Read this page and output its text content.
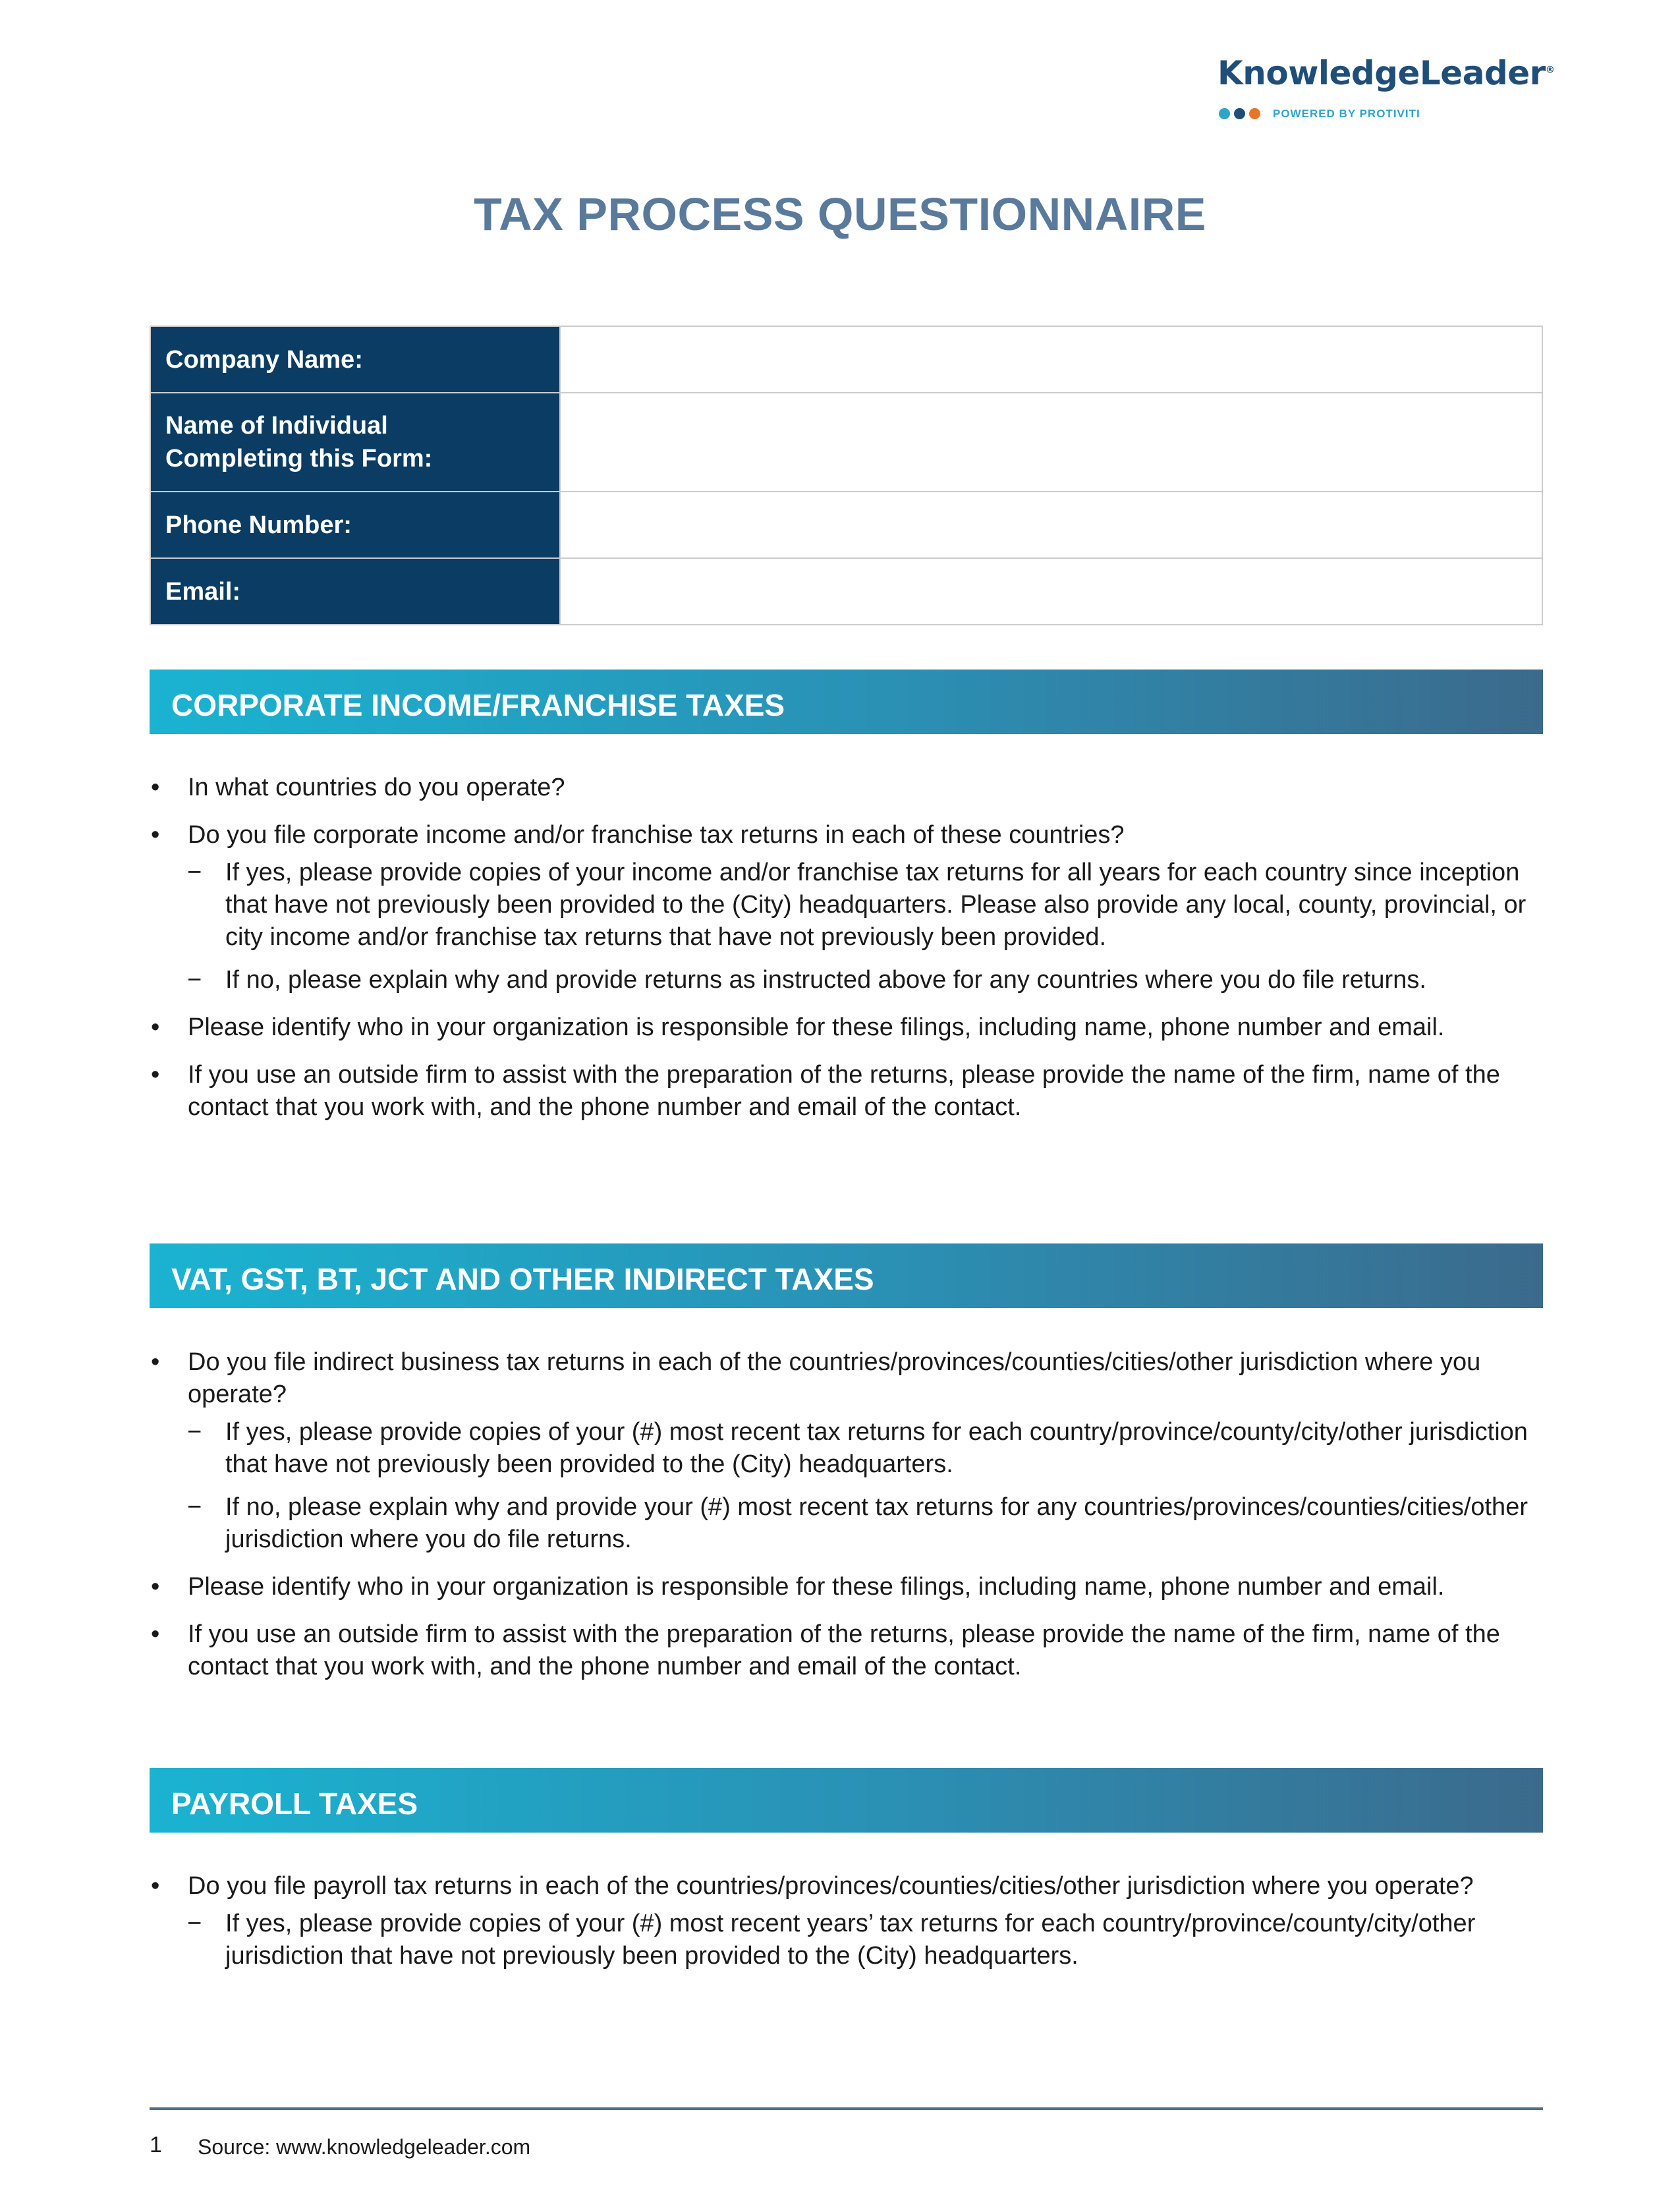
KnowledgeLeader®
POWERED BY PROTIVITI
TAX PROCESS QUESTIONNAIRE
Company Name:	

Name of Individual Completing this Form:	

Phone Number:	
Email:	
CORPORATE INCOME/FRANCHISE TAXES
• In what countries do you operate?
• Do you file corporate income and/or franchise tax returns in each of these countries?
− If yes, please provide copies of your income and/or franchise tax returns for all years for each country since inception that have not previously been provided to the (City) headquarters. Please also provide any local, county, provincial, or city income and/or franchise tax returns that have not previously been provided.
− If no, please explain why and provide returns as instructed above for any countries where you do file returns.
• Please identify who in your organization is responsible for these filings, including name, phone number and email.
• If you use an outside firm to assist with the preparation of the returns, please provide the name of the firm, name of the contact that you work with, and the phone number and email of the contact.
VAT, GST, BT, JCT AND OTHER INDIRECT TAXES
• Do you file indirect business tax returns in each of the countries/provinces/counties/cities/other jurisdiction where you operate?
− If yes, please provide copies of your (#) most recent tax returns for each country/province/county/city/other jurisdiction that have not previously been provided to the (City) headquarters.
− If no, please explain why and provide your (#) most recent tax returns for any countries/provinces/counties/cities/other jurisdiction where you do file returns.
• Please identify who in your organization is responsible for these filings, including name, phone number and email.
• If you use an outside firm to assist with the preparation of the returns, please provide the name of the firm, name of the contact that you work with, and the phone number and email of the contact.
PAYROLL TAXES
• Do you file payroll tax returns in each of the countries/provinces/counties/cities/other jurisdiction where you operate?
− If yes, please provide copies of your (#) most recent years’ tax returns for each country/province/county/city/other jurisdiction that have not previously been provided to the (City) headquarters.
1 Source: www.knowledgeleader.com
